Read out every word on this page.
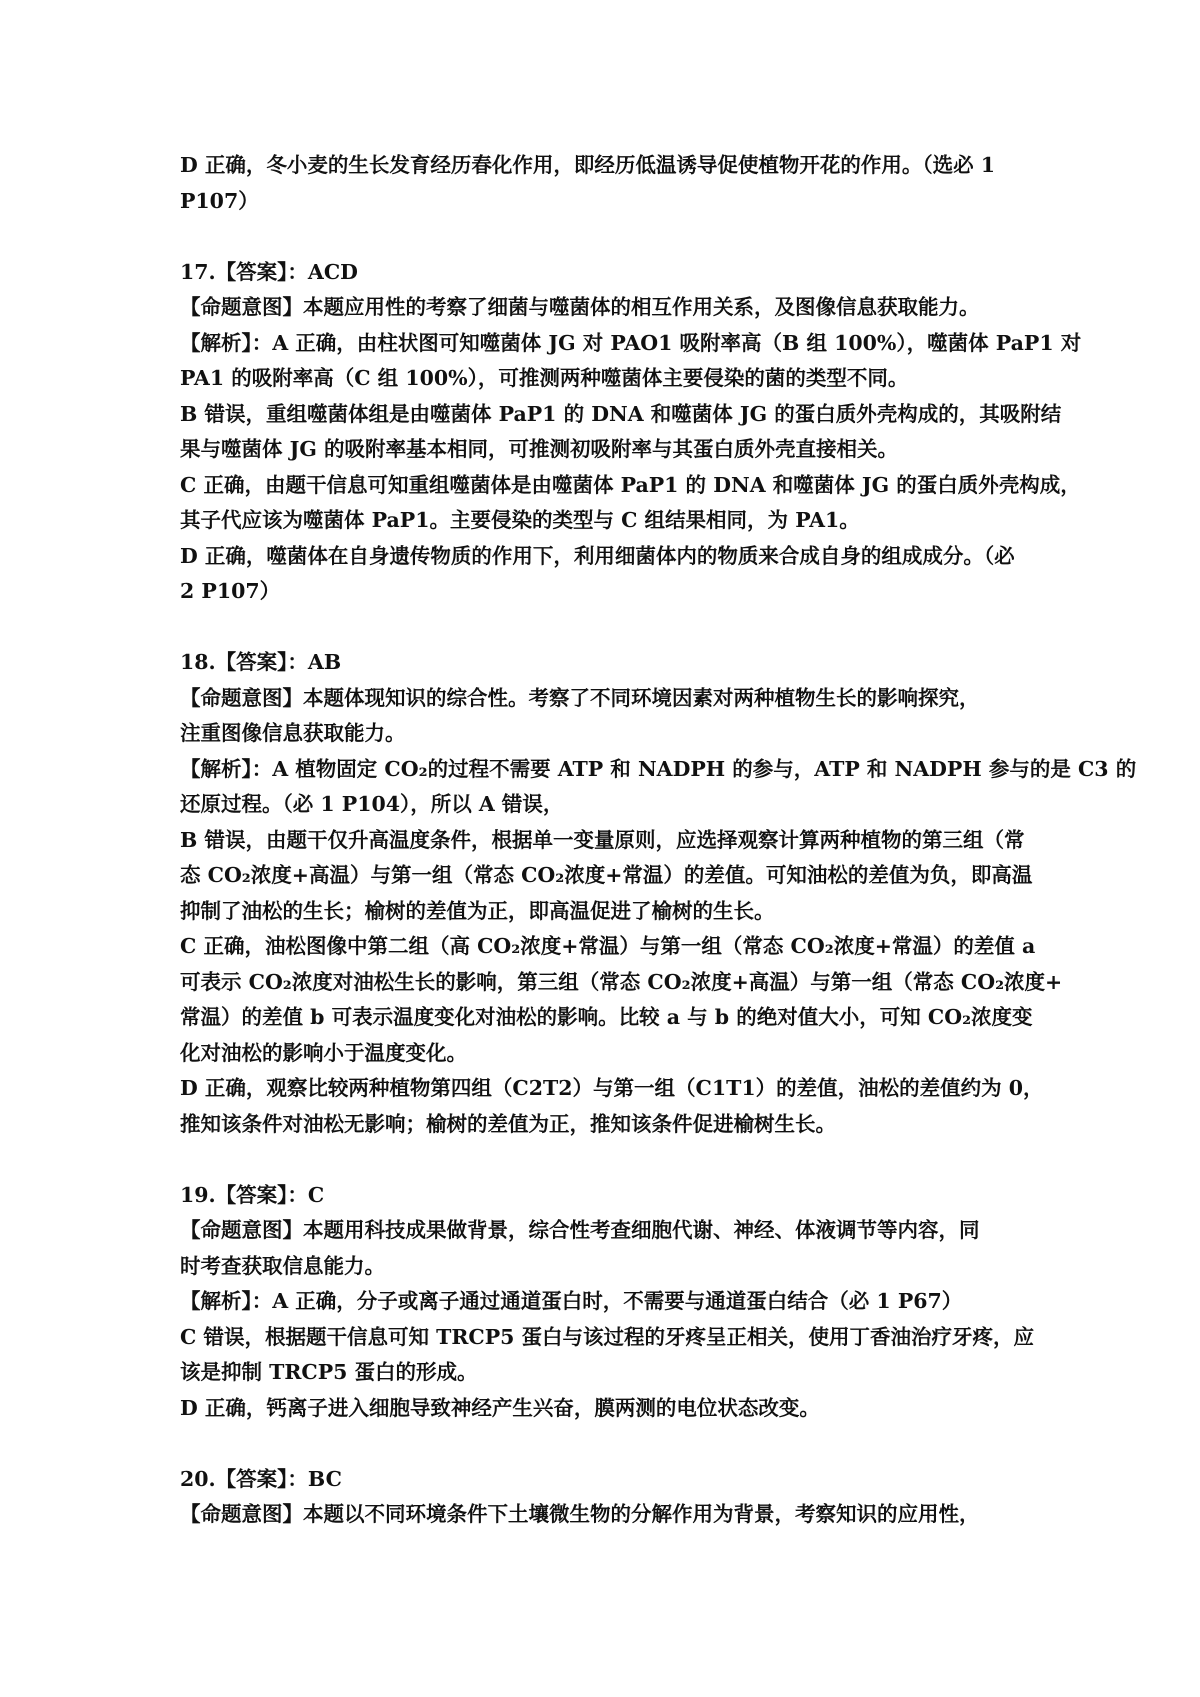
D 正确，冬小麦的生长发育经历春化作用，即经历低温诱导促使植物开花的作用。（选必 1
P107）
17.【答案】：ACD
【命题意图】本题应用性的考察了细菌与噬菌体的相互作用关系，及图像信息获取能力。
【解析】：A 正确，由柱状图可知噬菌体 JG 对 PAO1 吸附率高（B 组 100%），噬菌体 PaP1 对
PA1 的吸附率高（C 组 100%），可推测两种噬菌体主要侵染的菌的类型不同。
B 错误，重组噬菌体组是由噬菌体 PaP1 的 DNA 和噬菌体 JG 的蛋白质外壳构成的，其吸附结
果与噬菌体 JG 的吸附率基本相同，可推测初吸附率与其蛋白质外壳直接相关。
C 正确，由题干信息可知重组噬菌体是由噬菌体 PaP1 的 DNA 和噬菌体 JG 的蛋白质外壳构成，
其子代应该为噬菌体 PaP1。主要侵染的类型与 C 组结果相同，为 PA1。
D 正确，噬菌体在自身遗传物质的作用下，利用细菌体内的物质来合成自身的组成成分。（必
2 P107）
18.【答案】：AB
【命题意图】本题体现知识的综合性。考察了不同环境因素对两种植物生长的影响探究，
注重图像信息获取能力。
【解析】：A 植物固定 CO₂的过程不需要 ATP 和 NADPH 的参与，ATP 和 NADPH 参与的是 C3 的
还原过程。（必 1 P104），所以 A 错误，
B 错误，由题干仅升高温度条件，根据单一变量原则，应选择观察计算两种植物的第三组（常
态 CO₂浓度+高温）与第一组（常态 CO₂浓度+常温）的差值。可知油松的差值为负，即高温
抑制了油松的生长；榆树的差值为正，即高温促进了榆树的生长。
C 正确，油松图像中第二组（高 CO₂浓度+常温）与第一组（常态 CO₂浓度+常温）的差值 a
可表示 CO₂浓度对油松生长的影响，第三组（常态 CO₂浓度+高温）与第一组（常态 CO₂浓度+
常温）的差值 b 可表示温度变化对油松的影响。比较 a 与 b 的绝对值大小，可知 CO₂浓度变
化对油松的影响小于温度变化。
D 正确，观察比较两种植物第四组（C2T2）与第一组（C1T1）的差值，油松的差值约为 0，
推知该条件对油松无影响；榆树的差值为正，推知该条件促进榆树生长。
19.【答案】：C
【命题意图】本题用科技成果做背景，综合性考查细胞代谢、神经、体液调节等内容，同
时考查获取信息能力。
【解析】：A 正确，分子或离子通过通道蛋白时，不需要与通道蛋白结合（必 1 P67）
C 错误，根据题干信息可知 TRCP5 蛋白与该过程的牙疼呈正相关，使用丁香油治疗牙疼，应
该是抑制 TRCP5 蛋白的形成。
D 正确，钙离子进入细胞导致神经产生兴奋，膜两测的电位状态改变。
20.【答案】：BC
【命题意图】本题以不同环境条件下土壤微生物的分解作用为背景，考察知识的应用性，
